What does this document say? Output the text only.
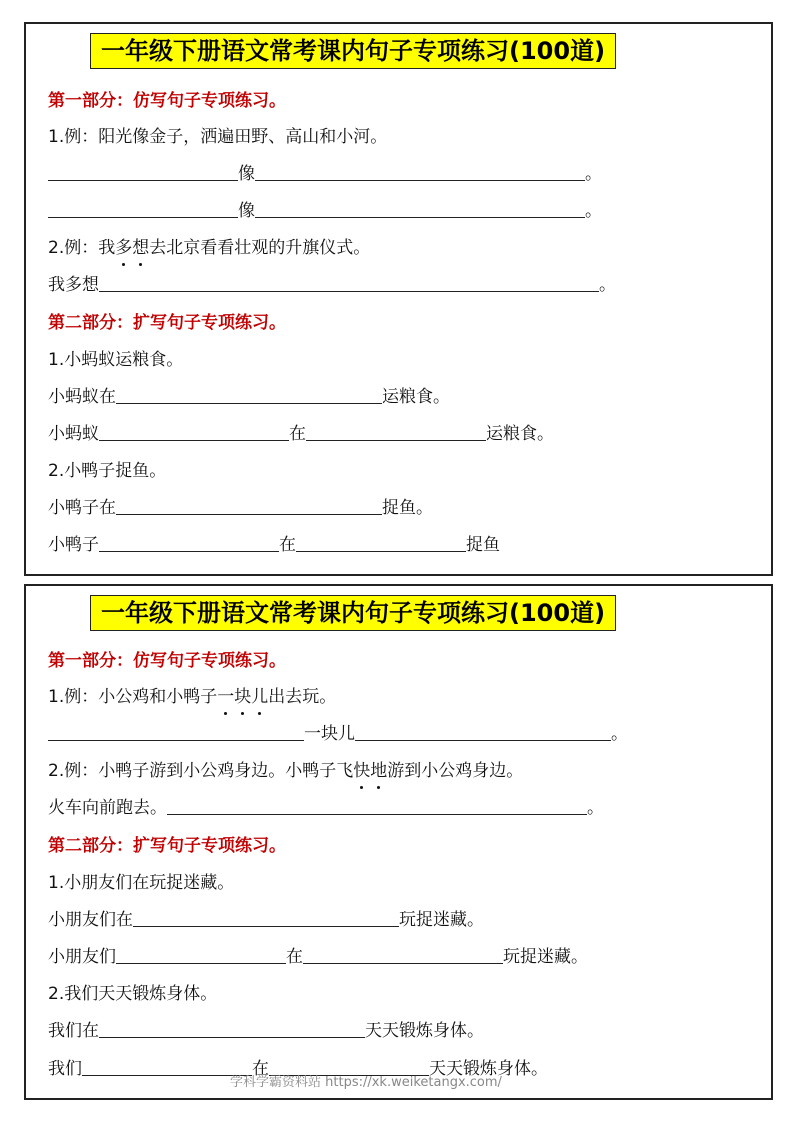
一年级下册语文常考课内句子专项练习(100道)
第一部分：仿写句子专项练习。
1.例：阳光像金子，洒遍田野、高山和小河。
像	。
像	。
2.例：我多想去北京看看壮观的升旗仪式。
我多想	。
第二部分：扩写句子专项练习。
1.小蚂蚁运粮食。
小蚂蚁在	运粮食。
小蚂蚁	在	运粮食。
2.小鸭子捉鱼。
小鸭子在	捉鱼。
小鸭子	在	捉鱼
一年级下册语文常考课内句子专项练习(100道)
第一部分：仿写句子专项练习。
1.例：小公鸡和小鸭子一块儿出去玩。
一块儿	。
2.例：小鸭子游到小公鸡身边。小鸭子飞快地游到小公鸡身边。
火车向前跑去。	。
第二部分：扩写句子专项练习。
1.小朋友们在玩捉迷藏。
小朋友们在	玩捉迷藏。
小朋友们	在	玩捉迷藏。
2.我们天天锻炼身体。
我们在	天天锻炼身体。
我们	在	天天锻炼身体。
学科学霸资料站 https://xk.weiketangx.com/
